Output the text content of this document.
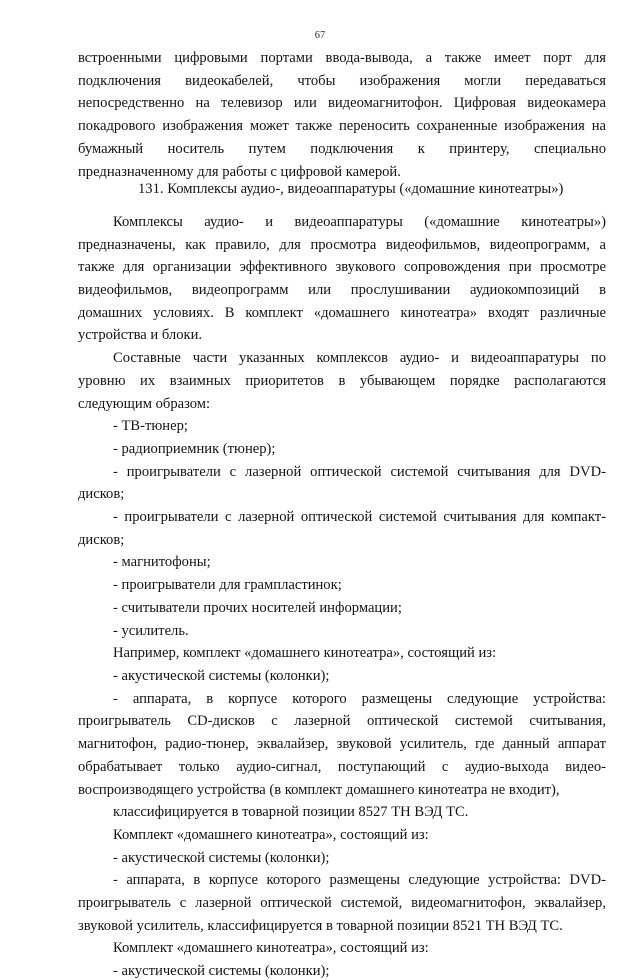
67
131. Комплексы аудио-, видеоаппаратуры («домашние кинотеатры»)
встроенными цифровыми портами ввода-вывода, а также имеет порт для
подключения видеокабелей, чтобы изображения могли передаваться
непосредственно на телевизор или видеомагнитофон. Цифровая видеокамера
покадрового изображения может также переносить сохраненные изображения на
бумажный носитель путем подключения к принтеру, специально
предназначенному для работы с цифровой камерой.
Комплексы аудио- и видеоаппаратуры («домашние кинотеатры»)
предназначены, как правило, для просмотра видеофильмов, видеопрограмм, а
также для организации эффективного звукового сопровождения при просмотре
видеофильмов, видеопрограмм или прослушивании аудиокомпозиций в
домашних условиях. В комплект «домашнего кинотеатра» входят различные
устройства и блоки.
Составные части указанных комплексов аудио- и видеоаппаратуры по
уровню их взаимных приоритетов в убывающем порядке располагаются
следующим образом:
- ТВ-тюнер;
- радиоприемник (тюнер);
- проигрыватели с лазерной оптической системой считывания для DVD-
дисков;
- проигрыватели с лазерной оптической системой считывания для компакт-
дисков;
- магнитофоны;
- проигрыватели для грампластинок;
- считыватели прочих носителей информации;
- усилитель.
Например, комплект «домашнего кинотеатра», состоящий из:
- акустической системы (колонки);
- аппарата, в корпусе которого размещены следующие устройства:
проигрыватель CD-дисков с лазерной оптической системой считывания,
магнитофон, радио-тюнер, эквалайзер, звуковой усилитель, где данный аппарат
обрабатывает только аудио-сигнал, поступающий с аудио-выхода видео-
воспроизводящего устройства (в комплект домашнего кинотеатра не входит),
классифицируется в товарной позиции 8527 ТН ВЭД ТС.
Комплект «домашнего кинотеатра», состоящий из:
- акустической системы (колонки);
- аппарата, в корпусе которого размещены следующие устройства: DVD-
проигрыватель с лазерной оптической системой, видеомагнитофон, эквалайзер,
звуковой усилитель, классифицируется в товарной позиции 8521 ТН ВЭД ТС.
Комплект «домашнего кинотеатра», состоящий из:
- акустической системы (колонки);
